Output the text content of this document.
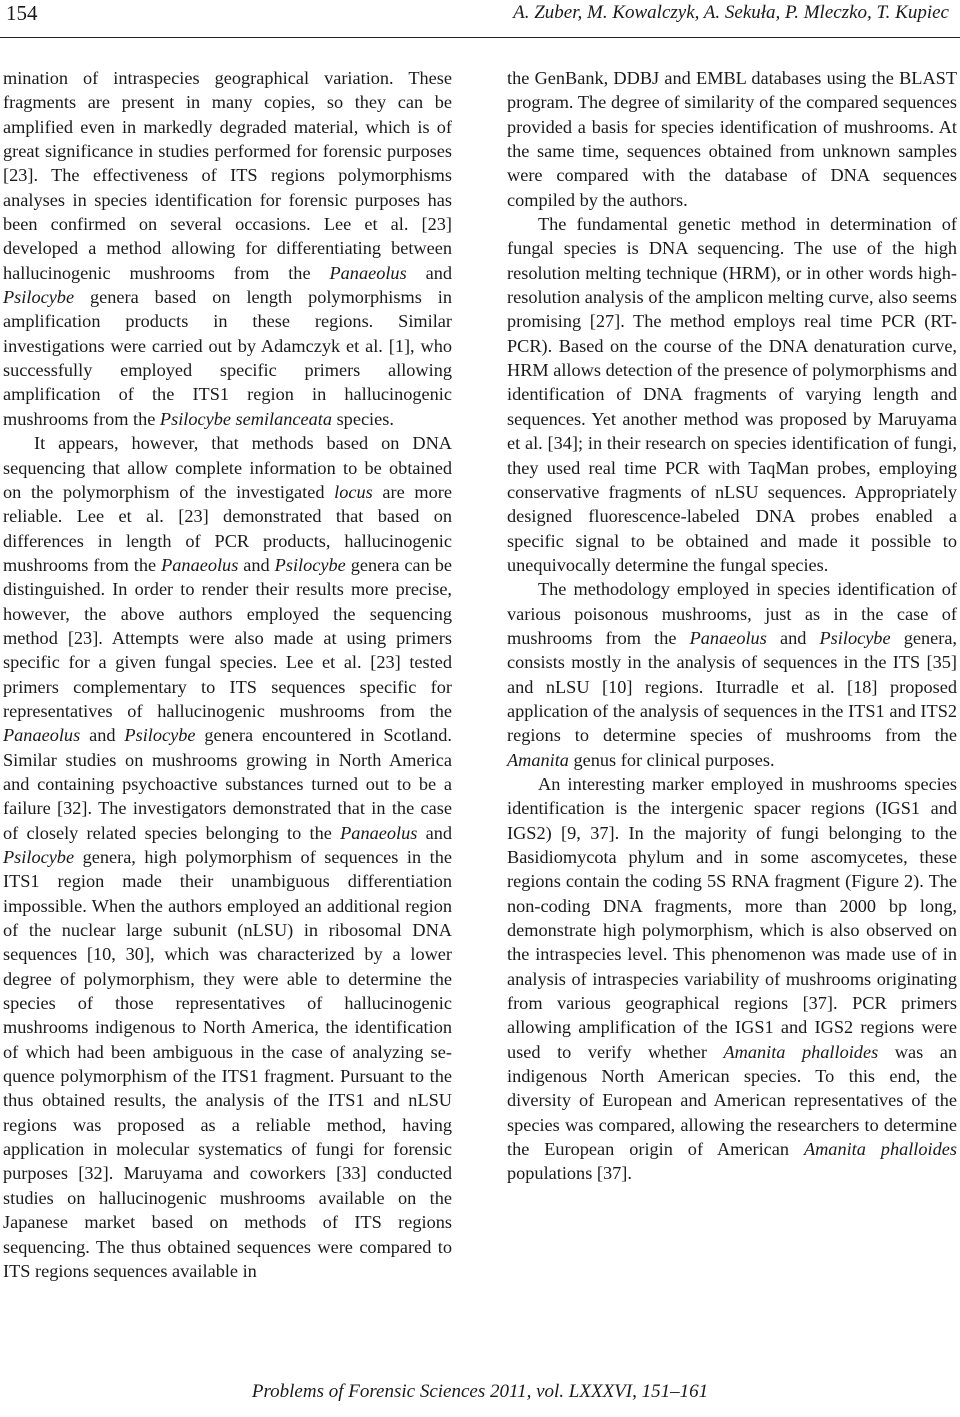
154	A. Zuber, M. Kowalczyk, A. Sekuła, P. Mleczko, T. Kupiec

mination of intraspecies geographical variation. These fragments are present in many copies, so they can be amplified even in markedly degraded material, which is of great significance in studies performed for forensic purposes [23]. The effectiveness of ITS regions polymorphisms analyses in species identification for forensic purposes has been confirmed on several occasions. Lee et al. [23] developed a method allowing for differentiating between hallucinogenic mushrooms from the Panaeolus and Psilocybe genera based on length polymorphisms in amplification products in these regions. Similar investigations were carried out by Adamczyk et al. [1], who successfully employed specific primers allowing amplification of the ITS1 region in hallucinogenic mushrooms from the Psilocybe semilanceata species.

It appears, however, that methods based on DNA sequencing that allow complete information to be obtained on the polymorphism of the investigated locus are more reliable. Lee et al. [23] demonstrated that based on differences in length of PCR products, hallucinogenic mushrooms from the Panaeolus and Psilocybe genera can be distinguished. In order to render their results more precise, however, the above authors employed the sequencing method [23]. Attempts were also made at using primers specific for a given fungal species. Lee et al. [23] tested primers complementary to ITS sequences specific for representatives of hallucinogenic mushrooms from the Panaeolus and Psilocybe genera encountered in Scotland. Similar studies on mushrooms growing in North America and containing psychoactive substances turned out to be a failure [32]. The investigators demonstrated that in the case of closely related species belonging to the Panaeolus and Psilocybe genera, high polymorphism of sequences in the ITS1 region made their unambiguous differentiation impossible. When the authors employed an additional region of the nuclear large subunit (nLSU) in ribosomal DNA sequences [10, 30], which was characterized by a lower degree of polymorphism, they were able to determine the species of those representatives of hallucinogenic mushrooms indigenous to North America, the identification of which had been ambiguous in the case of analyzing sequence polymorphism of the ITS1 fragment. Pursuant to the thus obtained results, the analysis of the ITS1 and nLSU regions was proposed as a reliable method, having application in molecular systematics of fungi for forensic purposes [32]. Maruyama and coworkers [33] conducted studies on hallucinogenic mushrooms available on the Japanese market based on methods of ITS regions sequencing. The thus obtained sequences were compared to ITS regions sequences available in

the GenBank, DDBJ and EMBL databases using the BLAST program. The degree of similarity of the compared sequences provided a basis for species identification of mushrooms. At the same time, sequences obtained from unknown samples were compared with the database of DNA sequences compiled by the authors.

The fundamental genetic method in determination of fungal species is DNA sequencing. The use of the high resolution melting technique (HRM), or in other words high-resolution analysis of the amplicon melting curve, also seems promising [27]. The method employs real time PCR (RT-PCR). Based on the course of the DNA denaturation curve, HRM allows detection of the presence of polymorphisms and identification of DNA fragments of varying length and sequences. Yet another method was proposed by Maruyama et al. [34]; in their research on species identification of fungi, they used real time PCR with TaqMan probes, employing conservative fragments of nLSU sequences. Appropriately designed fluorescence-labeled DNA probes enabled a specific signal to be obtained and made it possible to unequivocally determine the fungal species.

The methodology employed in species identification of various poisonous mushrooms, just as in the case of mushrooms from the Panaeolus and Psilocybe genera, consists mostly in the analysis of sequences in the ITS [35] and nLSU [10] regions. Iturradle et al. [18] proposed application of the analysis of sequences in the ITS1 and ITS2 regions to determine species of mushrooms from the Amanita genus for clinical purposes.

An interesting marker employed in mushrooms species identification is the intergenic spacer regions (IGS1 and IGS2) [9, 37]. In the majority of fungi belonging to the Basidiomycota phylum and in some ascomycetes, these regions contain the coding 5S RNA fragment (Figure 2). The non-coding DNA fragments, more than 2000 bp long, demonstrate high polymorphism, which is also observed on the intraspecies level. This phenomenon was made use of in analysis of intraspecies variability of mushrooms originating from various geographical regions [37]. PCR primers allowing amplification of the IGS1 and IGS2 regions were used to verify whether Amanita phalloides was an indigenous North American species. To this end, the diversity of European and American representatives of the species was compared, allowing the researchers to determine the European origin of American Amanita phalloides populations [37].

Problems of Forensic Sciences 2011, vol. LXXXVI, 151–161
